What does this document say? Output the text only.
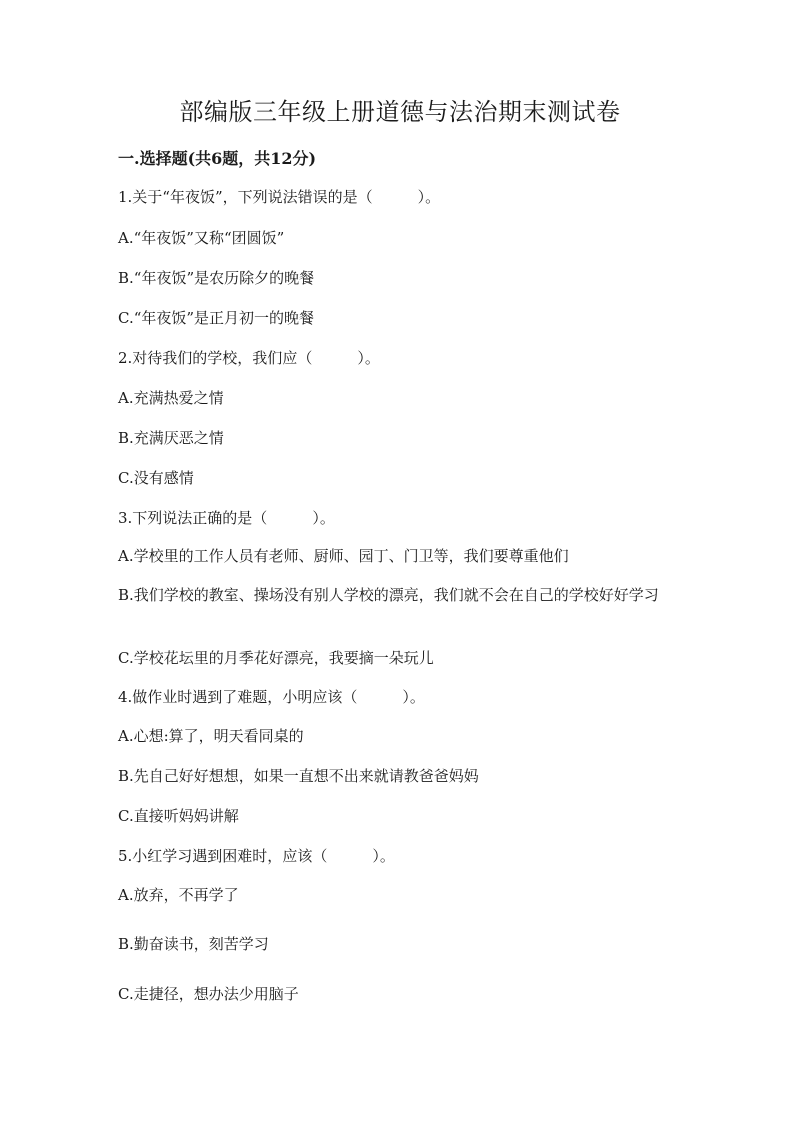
部编版三年级上册道德与法治期末测试卷
一.选择题(共6题，共12分)
1.关于“年夜饭”，下列说法错误的是（　　　）。
A.“年夜饭”又称“团圆饭”
B.“年夜饭”是农历除夕的晚餐
C.“年夜饭”是正月初一的晚餐
2.对待我们的学校，我们应（　　　）。
A.充满热爱之情
B.充满厌恶之情
C.没有感情
3.下列说法正确的是（　　　）。
A.学校里的工作人员有老师、厨师、园丁、门卫等，我们要尊重他们
B.我们学校的教室、操场没有别人学校的漂亮，我们就不会在自己的学校好好学习
C.学校花坛里的月季花好漂亮，我要摘一朵玩儿
4.做作业时遇到了难题，小明应该（　　　）。
A.心想:算了，明天看同桌的
B.先自己好好想想，如果一直想不出来就请教爸爸妈妈
C.直接听妈妈讲解
5.小红学习遇到困难时，应该（　　　）。
A.放弃，不再学了
B.勤奋读书，刻苦学习
C.走捷径，想办法少用脑子
